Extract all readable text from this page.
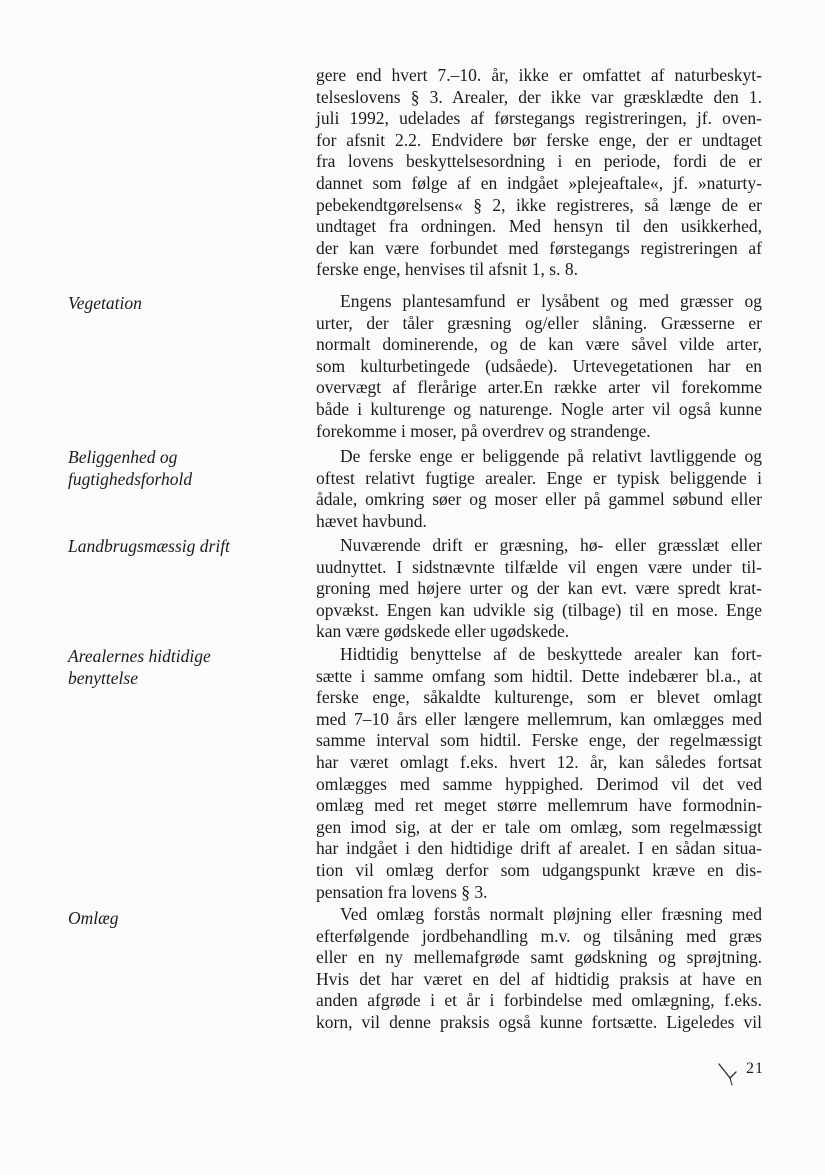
Vegetation
Beliggenhed og
fugtighedsforhold
Landbrugsmæssig drift
Arealernes hidtidige
benyttelse
Omlæg
gere end hvert 7.–10. år, ikke er omfattet af naturbeskyt-
telseslovens § 3. Arealer, der ikke var græsklædte den 1.
juli 1992, udelades af førstegangs registreringen, jf. oven-
for afsnit 2.2. Endvidere bør ferske enge, der er undtaget
fra lovens beskyttelsesordning i en periode, fordi de er
dannet som følge af en indgået »plejeaftale«, jf. »naturty-
pebekendtgørelsens« § 2, ikke registreres, så længe de er
undtaget fra ordningen. Med hensyn til den usikkerhed,
der kan være forbundet med førstegangs registreringen af
ferske enge, henvises til afsnit 1, s. 8.
Engens plantesamfund er lysåbent og med græsser og
urter, der tåler græsning og/eller slåning. Græsserne er
normalt dominerende, og de kan være såvel vilde arter,
som kulturbetingede (udsåede). Urtevegetationen har en
overvægt af flerårige arter.En række arter vil forekomme
både i kulturenge og naturenge. Nogle arter vil også kunne
forekomme i moser, på overdrev og strandenge.
De ferske enge er beliggende på relativt lavtliggende og
oftest relativt fugtige arealer. Enge er typisk beliggende i
ådale, omkring søer og moser eller på gammel søbund eller
hævet havbund.
Nuværende drift er græsning, hø- eller græsslæt eller
uudnyttet. I sidstnævnte tilfælde vil engen være under til-
groning med højere urter og der kan evt. være spredt krat-
opvækst. Engen kan udvikle sig (tilbage) til en mose. Enge
kan være gødskede eller ugødskede.
Hidtidig benyttelse af de beskyttede arealer kan fort-
sætte i samme omfang som hidtil. Dette indebærer bl.a., at
ferske enge, såkaldte kulturenge, som er blevet omlagt
med 7–10 års eller længere mellemrum, kan omlægges med
samme interval som hidtil. Ferske enge, der regelmæssigt
har været omlagt f.eks. hvert 12. år, kan således fortsat
omlægges med samme hyppighed. Derimod vil det ved
omlæg med ret meget større mellemrum have formodnin-
gen imod sig, at der er tale om omlæg, som regelmæssigt
har indgået i den hidtidige drift af arealet. I en sådan situa-
tion vil omlæg derfor som udgangspunkt kræve en dis-
pensation fra lovens § 3.
Ved omlæg forstås normalt pløjning eller fræsning med
efterfølgende jordbehandling m.v. og tilsåning med græs
eller en ny mellemafgrøde samt gødskning og sprøjtning.
Hvis det har været en del af hidtidig praksis at have en
anden afgrøde i et år i forbindelse med omlægning, f.eks.
korn, vil denne praksis også kunne fortsætte. Ligeledes vil
21
